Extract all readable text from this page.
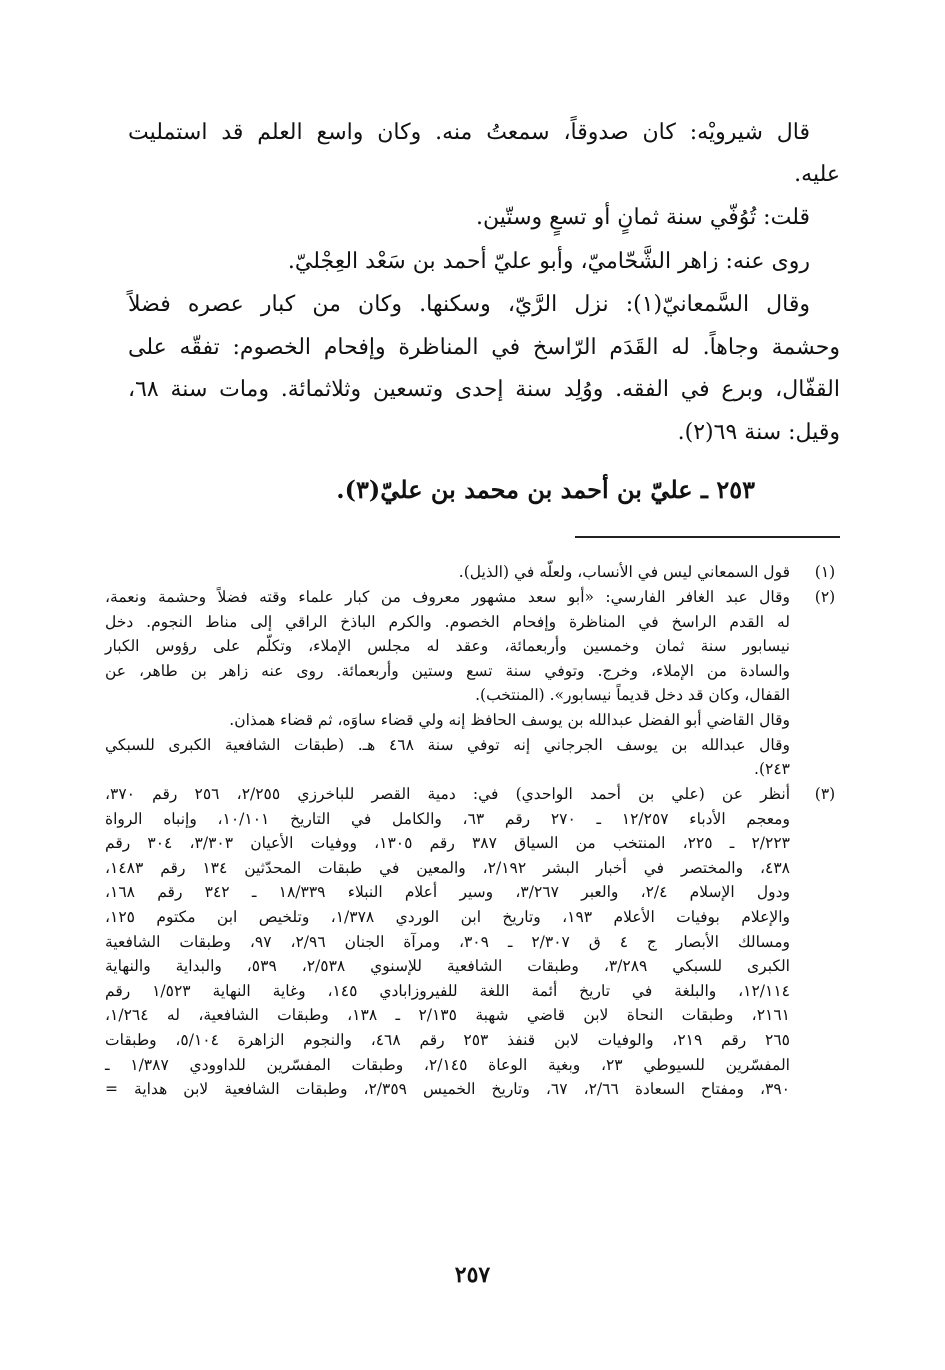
قال شيرويْه: كان صدوقاً، سمعتُ منه. وكان واسع العلم قد استمليت
عليه.
قلت: تُوُفّي سنة ثمانٍ أو تسعٍ وستّين.
روى عنه: زاهر الشَّحّاميّ، وأبو عليّ أحمد بن سَعْد العِجْليّ.
وقال السَّمعانيّ(١): نزل الرَّيّ، وسكنها. وكان من كبار عصره فضلاً
وحشمة وجاهاً. له القَدَم الرّاسخ في المناظرة وإفحام الخصوم: تفقّه على
القفّال، وبرع في الفقه. ووُلِد سنة إحدى وتسعين وثلاثمائة. ومات سنة ٦٨،
وقيل: سنة ٦٩(٢).
٢٥٣ ـ عليّ بن أحمد بن محمد بن عليّ(٣).
(١)
قول السمعاني ليس في الأنساب، ولعلّه في (الذيل).
(٢)
وقال عبد الغافر الفارسي: «أبو سعد مشهور معروف من كبار علماء وقته فضلاً وحشمة ونعمة،
له القدم الراسخ في المناظرة وإفحام الخصوم. والكرم الباذخ الراقي إلى مناط النجوم. دخل
نيسابور سنة ثمان وخمسين وأربعمائة، وعقد له مجلس الإملاء، وتكلّم على رؤوس الكبار
والسادة من الإملاء، وخرج. وتوفي سنة تسع وستين وأربعمائة. روى عنه زاهر بن طاهر، عن
القفال، وكان قد دخل قديماً نيسابور». (المنتخب).
وقال القاضي أبو الفضل عبدالله بن يوسف الحافظ إنه ولي قضاء ساوَه، ثم قضاء همذان.
وقال عبدالله بن يوسف الجرجاني إنه توفي سنة ٤٦٨ هـ. (طبقات الشافعية الكبرى للسبكي
٢٤٣).
(٣)
أنظر عن (علي بن أحمد الواحدي) في: دمية القصر للباخرزي ٢/٢٥٥، ٢٥٦ رقم ٣٧٠،
ومعجم الأدباء ١٢/٢٥٧ ـ ٢٧٠ رقم ٦٣، والكامل في التاريخ ١٠/١٠١، وإنباه الرواة
٢/٢٢٣ ـ ٢٢٥، المنتخب من السياق ٣٨٧ رقم ١٣٠٥، ووفيات الأعيان ٣/٣٠٣، ٣٠٤ رقم
٤٣٨، والمختصر في أخبار البشر ٢/١٩٢، والمعين في طبقات المحدّثين ١٣٤ رقم ١٤٨٣،
ودول الإسلام ٢/٤، والعبر ٣/٢٦٧، وسير أعلام النبلاء ١٨/٣٣٩ ـ ٣٤٢ رقم ١٦٨،
والإعلام بوفيات الأعلام ١٩٣، وتاريخ ابن الوردي ١/٣٧٨، وتلخيص ابن مكتوم ١٢٥،
ومسالك الأبصار ج ٤ ق ٢/٣٠٧ ـ ٣٠٩، ومرآة الجنان ٢/٩٦، ٩٧، وطبقات الشافعية
الكبرى للسبكي ٣/٢٨٩، وطبقات الشافعية للإسنوي ٢/٥٣٨، ٥٣٩، والبداية والنهاية
١٢/١١٤، والبلغة في تاريخ أئمة اللغة للفيروزابادي ١٤٥، وغاية النهاية ١/٥٢٣ رقم
٢١٦١، وطبقات النحاة لابن قاضي شهبة ٢/١٣٥ ـ ١٣٨، وطبقات الشافعية، له ١/٢٦٤،
٢٦٥ رقم ٢١٩، والوفيات لابن قنفذ ٢٥٣ رقم ٤٦٨، والنجوم الزاهرة ٥/١٠٤، وطبقات
المفسّرين للسيوطي ٢٣، وبغية الوعاة ٢/١٤٥، وطبقات المفسّرين للداوودي ١/٣٨٧ ـ
٣٩٠، ومفتاح السعادة ٢/٦٦، ٦٧، وتاريخ الخميس ٢/٣٥٩، وطبقات الشافعية لابن هداية =
٢٥٧
